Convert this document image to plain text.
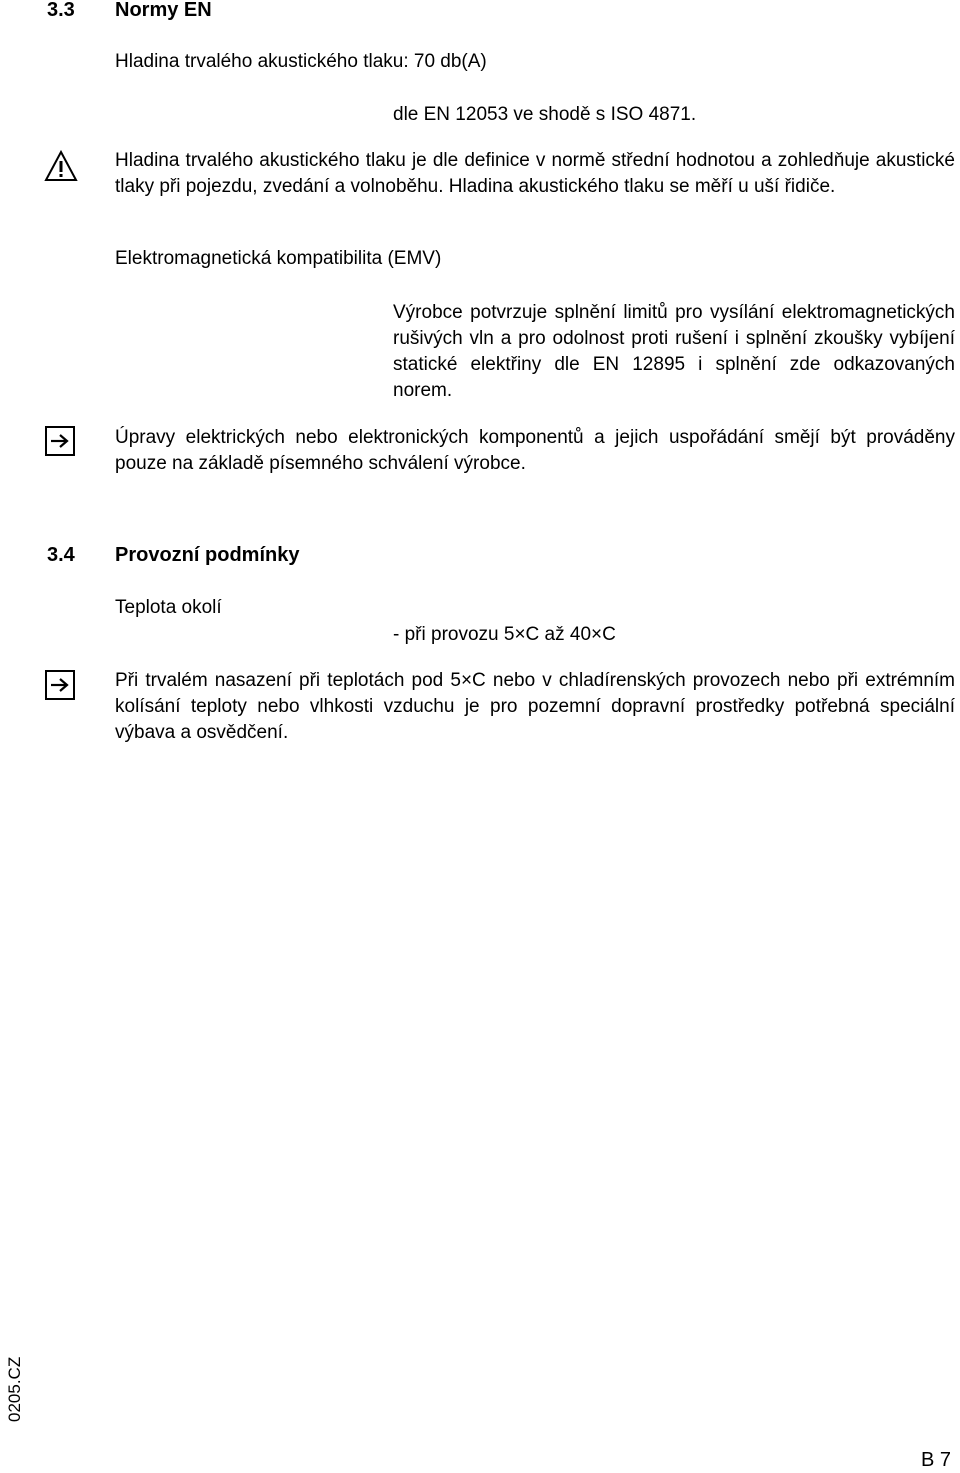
3.3 Normy EN
Hladina trvalého akustického tlaku: 70 db(A)
dle EN 12053 ve shodě s ISO 4871.
Hladina trvalého akustického tlaku je dle definice v normě střední hodnotou a zohledňuje akustické tlaky při pojezdu, zvedání a volnoběhu. Hladina akustického tlaku se měří u uší řidiče.
Elektromagnetická kompatibilita (EMV)
Výrobce potvrzuje splnění limitů pro vysílání elektromagnetických rušivých vln a pro odolnost proti rušení i splnění zkoušky vybíjení statické elektřiny dle EN 12895 i splnění zde odkazovaných norem.
Úpravy elektrických nebo elektronických komponentů a jejich uspořádání smějí být prováděny pouze na základě písemného schválení výrobce.
3.4 Provozní podmínky
Teplota okolí
- při provozu 5×C až 40×C
Při trvalém nasazení při teplotách pod 5×C nebo v chladírenských provozech nebo při extrémním kolísání teploty nebo vlhkosti vzduchu je pro pozemní dopravní prostředky potřebná speciální výbava a osvědčení.
0205.CZ
B 7
